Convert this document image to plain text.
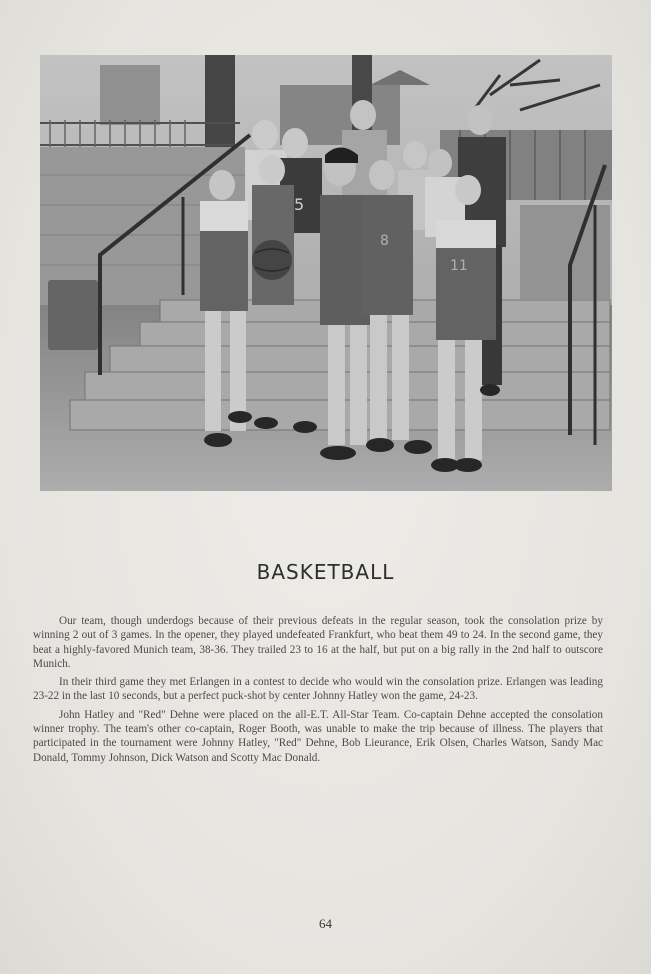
5
8
11
BASKETBALL

Our team, though underdogs because of their previous defeats in the regular season, took the consolation prize by winning 2 out of 3 games. In the opener, they played undefeated Frankfurt, who beat them 49 to 24. In the second game, they beat a highly-favored Munich team, 38-36. They trailed 23 to 16 at the half, but put on a big rally in the 2nd half to outscore Munich.

In their third game they met Erlangen in a contest to decide who would win the consolation prize. Erlangen was leading 23-22 in the last 10 seconds, but a perfect puck-shot by center Johnny Hatley won the game, 24-23.

John Hatley and "Red" Dehne were placed on the all-E.T. All-Star Team. Co-captain Dehne accepted the consolation winner trophy. The team's other co-captain, Roger Booth, was unable to make the trip because of illness. The players that participated in the tournament were Johnny Hatley, "Red" Dehne, Bob Lieurance, Erik Olsen, Charles Watson, Sandy Mac Donald, Tommy Johnson, Dick Watson and Scotty Mac Donald.

64
